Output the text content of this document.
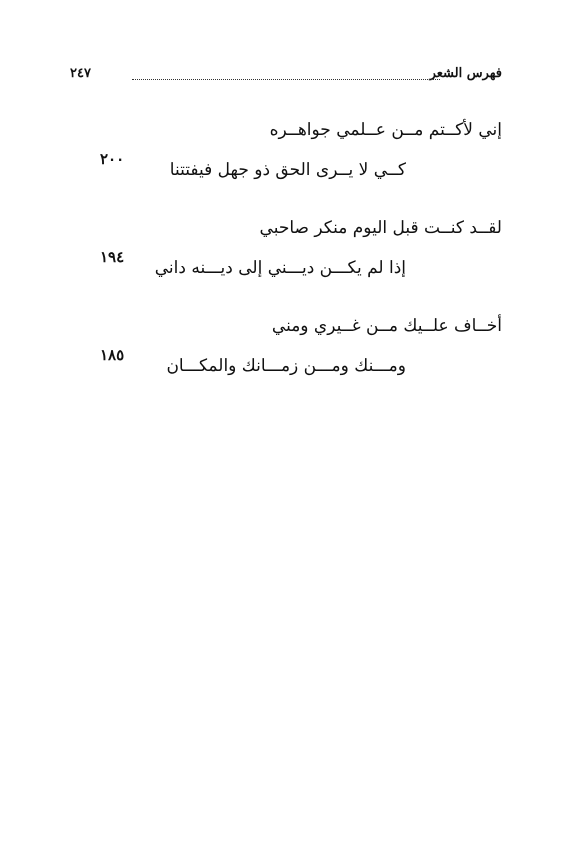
فهرس الشعر
٢٤٧
إني لأكــتم مــن عــلمي جواهــره
كــي لا يــرى الحق ذو جهل فيفتتنا
٢٠٠
لقــد كنــت قبل اليوم منكر صاحبي
إذا لم يكـــن ديـــني إلى ديـــنه داني
١٩٤
أخــاف علــيك مــن غــيري ومني
ومـــنك ومـــن زمـــانك والمكـــان
١٨٥
